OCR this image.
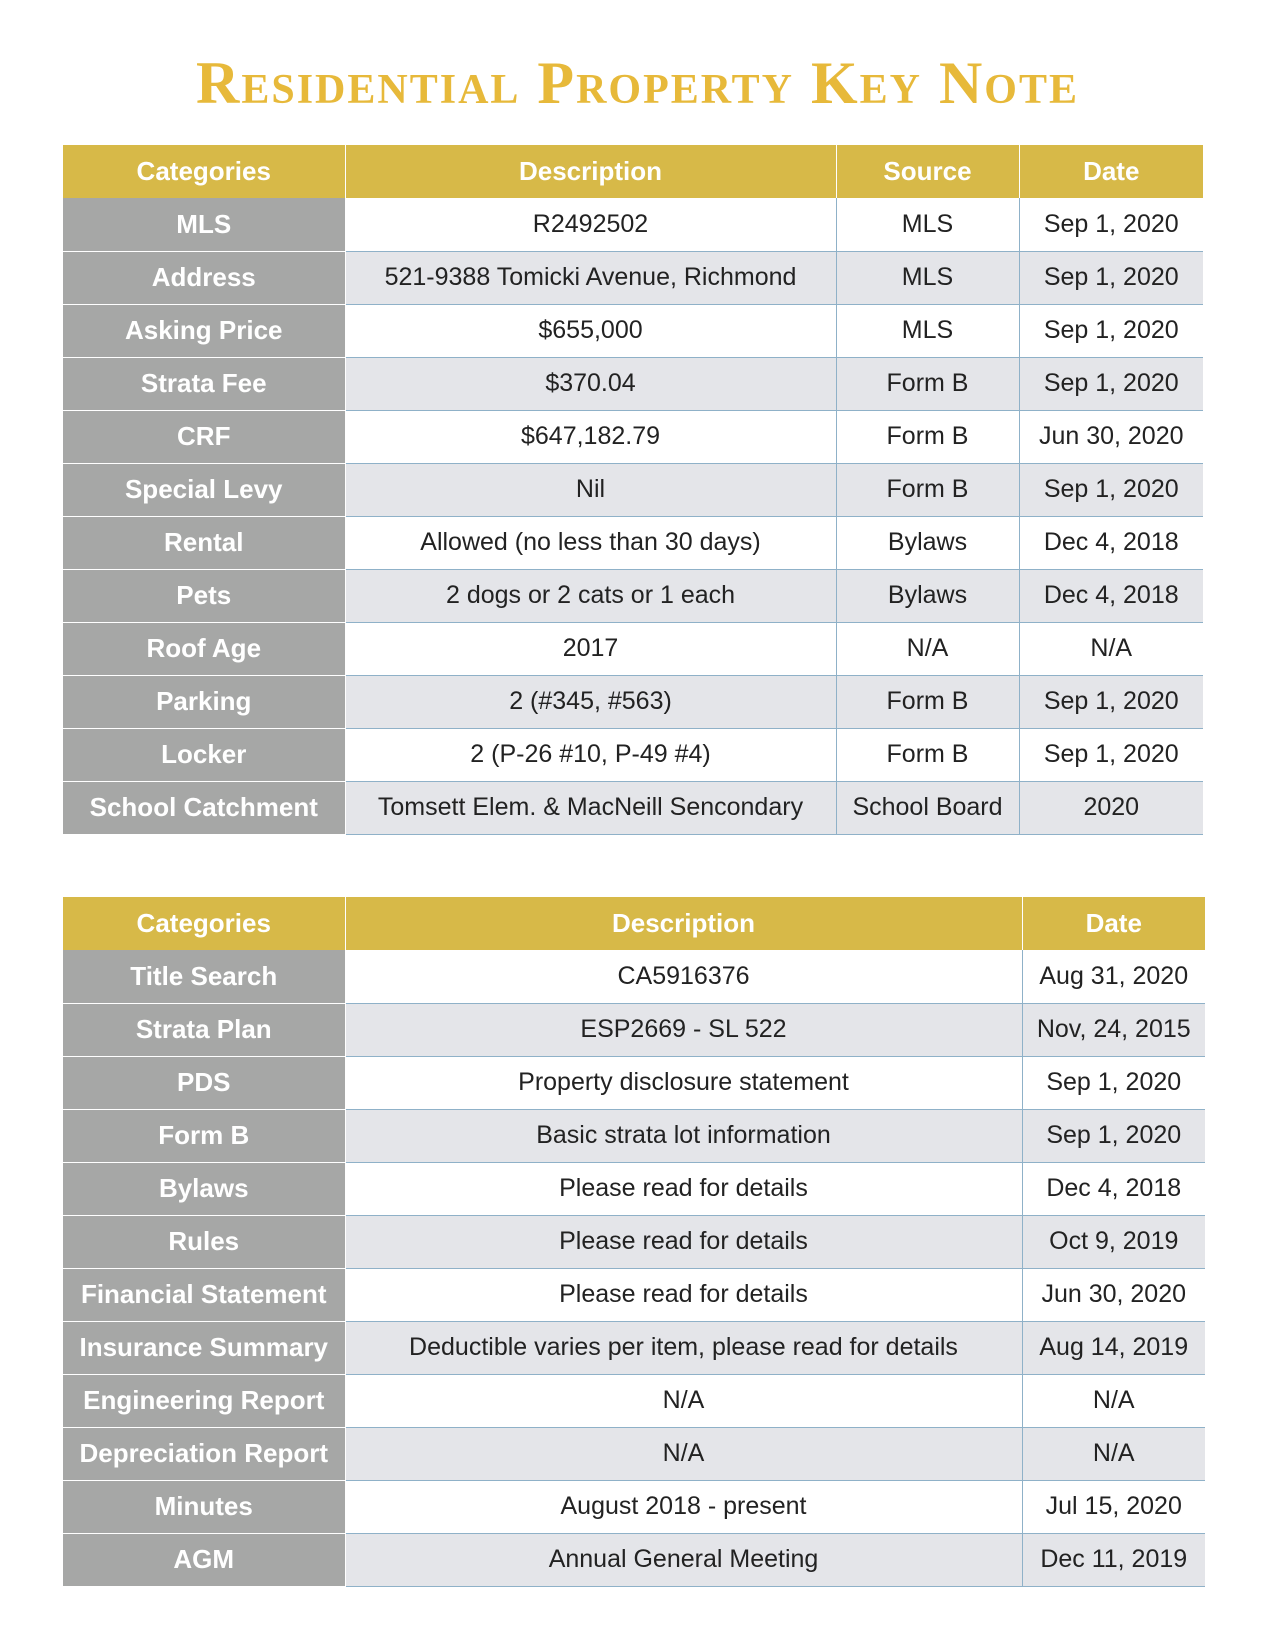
Residential Property Key Note
Categories	Description	Source	Date
MLS	R2492502	MLS	Sep 1, 2020
Address	521-9388 Tomicki Avenue, Richmond	MLS	Sep 1, 2020
Asking Price	$655,000	MLS	Sep 1, 2020
Strata Fee	$370.04	Form B	Sep 1, 2020
CRF	$647,182.79	Form B	Jun 30, 2020
Special Levy	Nil	Form B	Sep 1, 2020
Rental	Allowed (no less than 30 days)	Bylaws	Dec 4, 2018
Pets	2 dogs or 2 cats or 1 each	Bylaws	Dec 4, 2018
Roof Age	2017	N/A	N/A
Parking	2 (#345, #563)	Form B	Sep 1, 2020
Locker	2 (P-26 #10, P-49 #4)	Form B	Sep 1, 2020
School Catchment	Tomsett Elem. & MacNeill Sencondary	School Board	2020
Categories	Description	Date
Title Search	CA5916376	Aug 31, 2020
Strata Plan	ESP2669 - SL 522	Nov, 24, 2015
PDS	Property disclosure statement	Sep 1, 2020
Form B	Basic strata lot information	Sep 1, 2020
Bylaws	Please read for details	Dec 4, 2018
Rules	Please read for details	Oct 9, 2019
Financial Statement	Please read for details	Jun 30, 2020
Insurance Summary	Deductible varies per item, please read for details	Aug 14, 2019
Engineering Report	N/A	N/A
Depreciation Report	N/A	N/A
Minutes	August 2018 - present	Jul 15, 2020
AGM	Annual General Meeting	Dec 11, 2019
